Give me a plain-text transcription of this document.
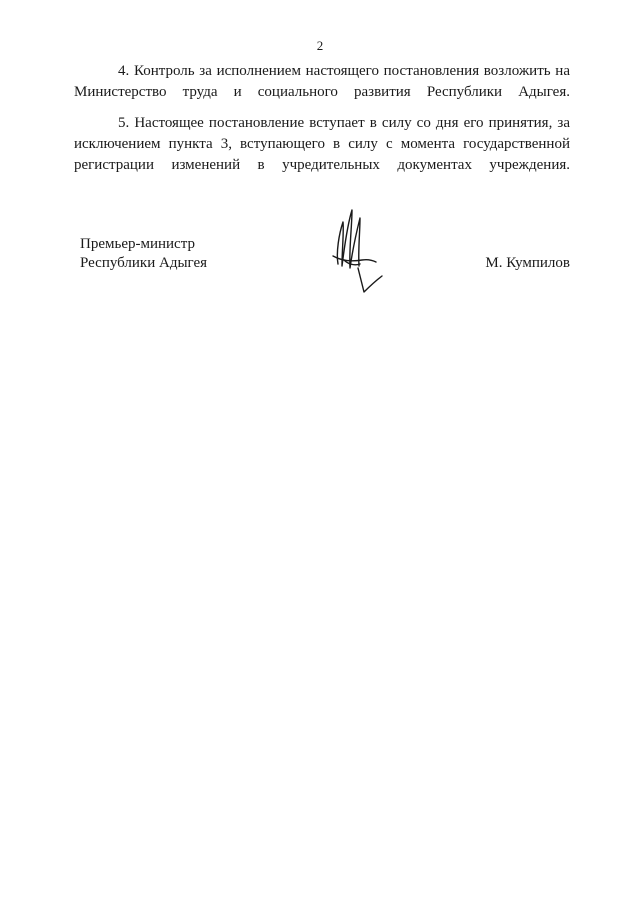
2

4. Контроль за исполнением настоящего постановления возложить на Министерство труда и социального развития Республики Адыгея.

5. Настоящее постановление вступает в силу со дня его принятия, за исключением пункта 3, вступающего в силу с момента государственной регистрации изменений в учредительных документах учреждения.

Премьер-министр
Республики Адыгея	М. Кумпилов
